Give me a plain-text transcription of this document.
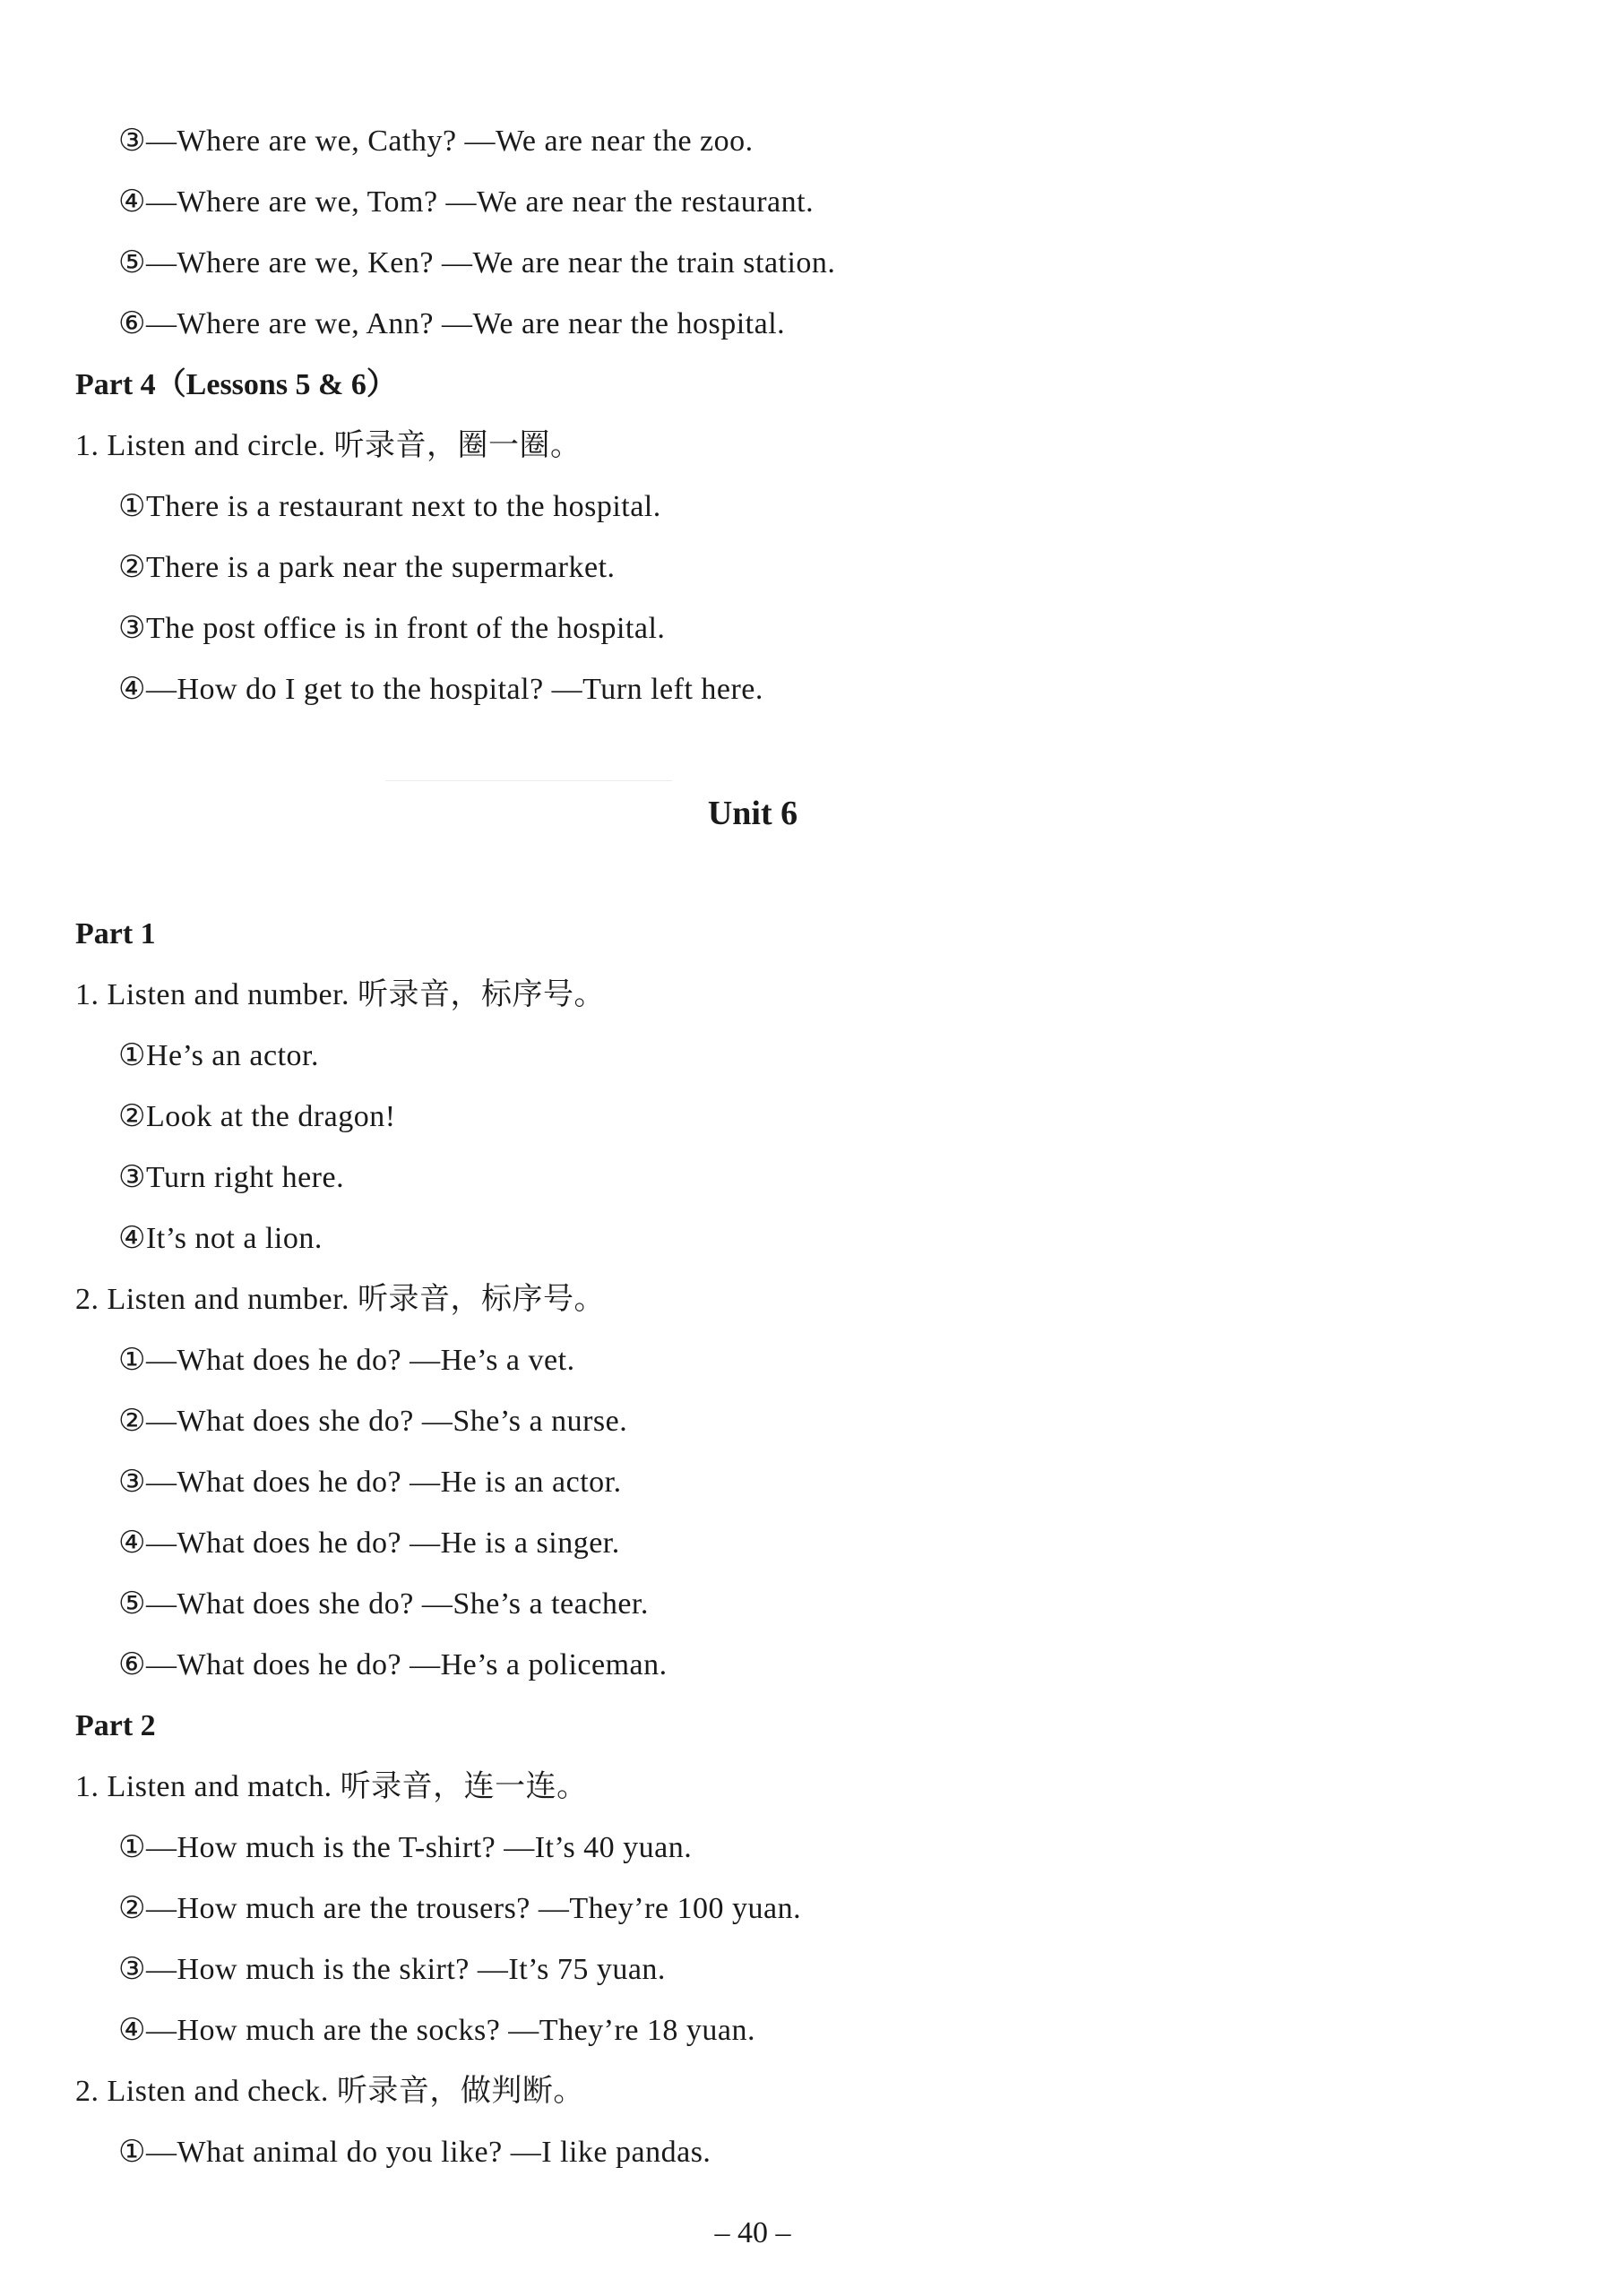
③—Where are we, Cathy? —We are near the zoo.
④—Where are we, Tom? —We are near the restaurant.
⑤—Where are we, Ken? —We are near the train station.
⑥—Where are we, Ann? —We are near the hospital.
Part 4（Lessons 5 & 6）
1. Listen and circle. 听录音，圈一圈。
①There is a restaurant next to the hospital.
②There is a park near the supermarket.
③The post office is in front of the hospital.
④—How do I get to the hospital? —Turn left here.
Unit 6
Part 1
1. Listen and number. 听录音，标序号。
①He’s an actor.
②Look at the dragon!
③Turn right here.
④It’s not a lion.
2. Listen and number. 听录音，标序号。
①—What does he do? —He’s a vet.
②—What does she do? —She’s a nurse.
③—What does he do? —He is an actor.
④—What does he do? —He is a singer.
⑤—What does she do? —She’s a teacher.
⑥—What does he do? —He’s a policeman.
Part 2
1. Listen and match. 听录音，连一连。
①—How much is the T-shirt? —It’s 40 yuan.
②—How much are the trousers? —They’re 100 yuan.
③—How much is the skirt? —It’s 75 yuan.
④—How much are the socks? —They’re 18 yuan.
2. Listen and check. 听录音，做判断。
①—What animal do you like? —I like pandas.
– 40 –
